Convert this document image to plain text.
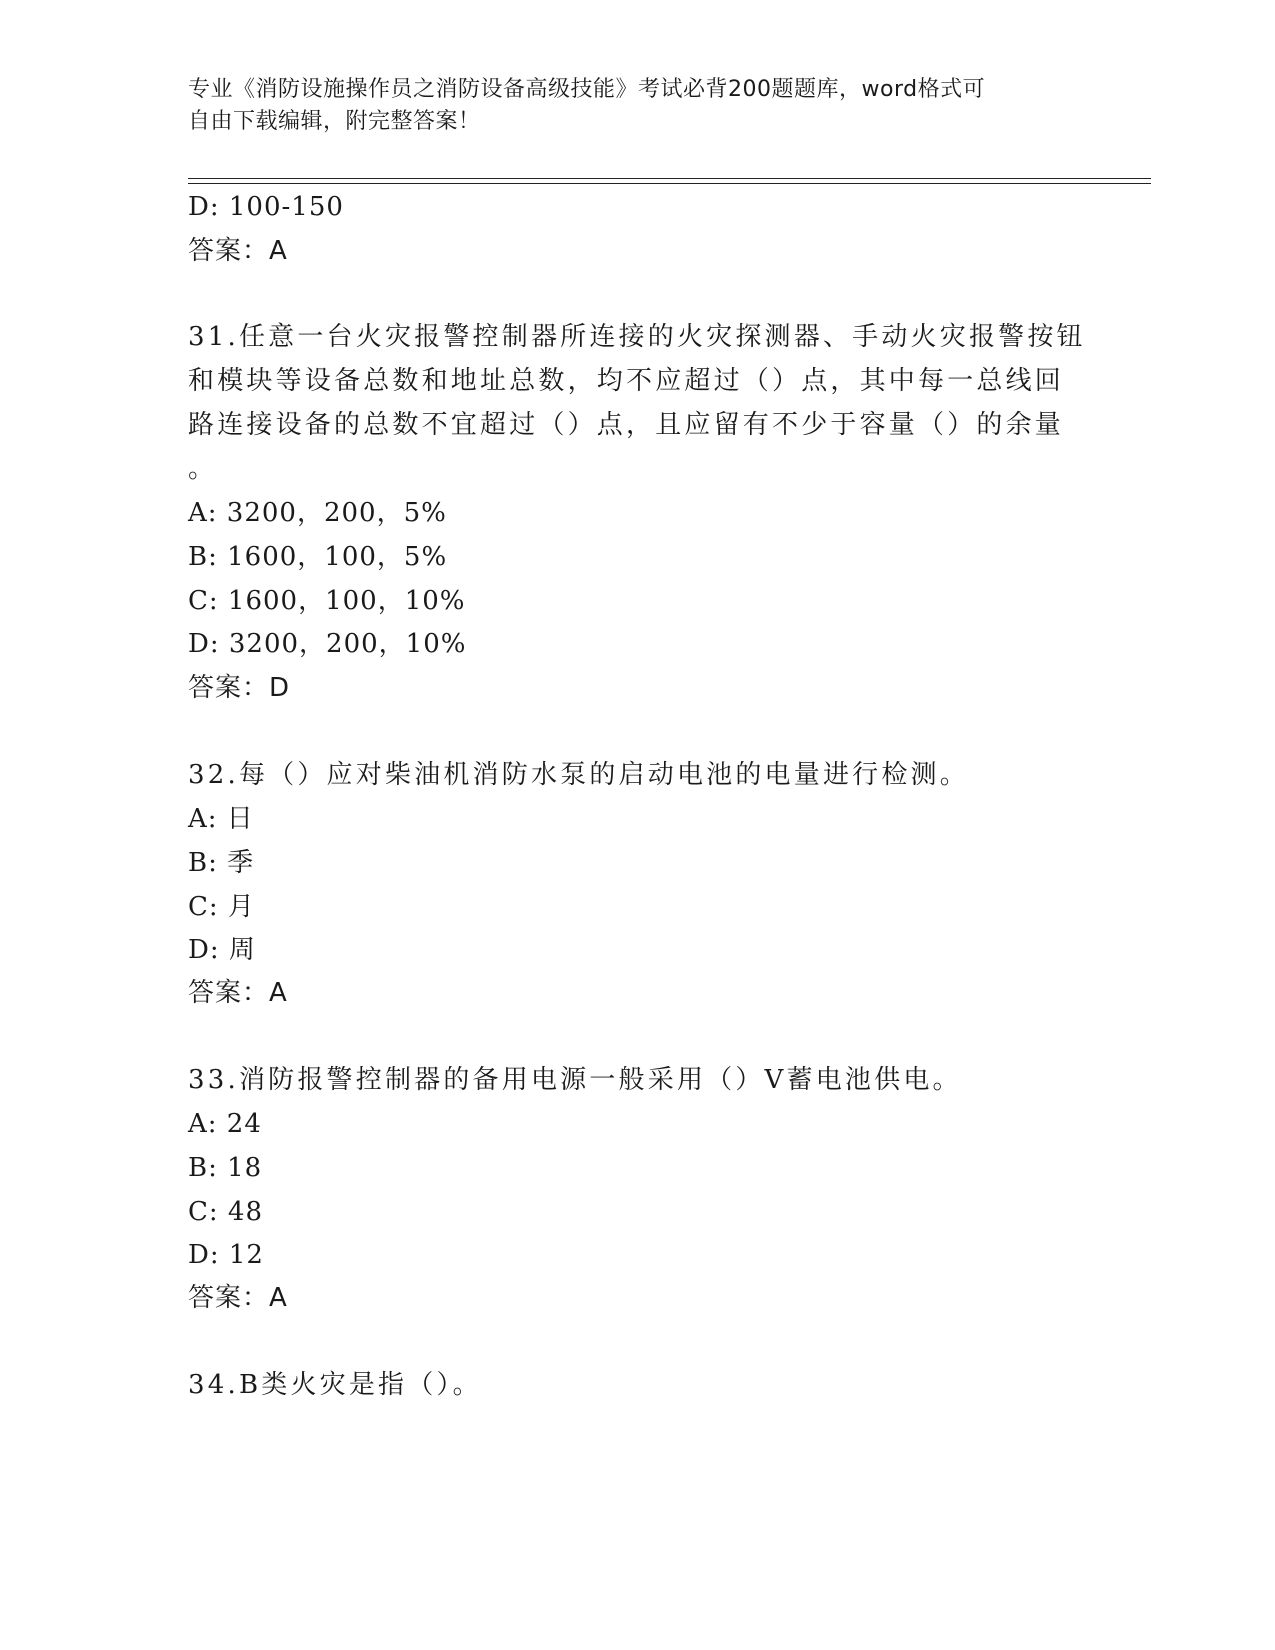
专业《消防设施操作员之消防设备高级技能》考试必背200题题库，word格式可
自由下载编辑，附完整答案！
D: 100-150
答案：A
31.任意一台火灾报警控制器所连接的火灾探测器、手动火灾报警按钮
和模块等设备总数和地址总数，均不应超过（）点，其中每一总线回
路连接设备的总数不宜超过（）点，且应留有不少于容量（）的余量
。
A: 3200，200，5%
B: 1600，100，5%
C: 1600，100，10%
D: 3200，200，10%
答案：D
32.每（）应对柴油机消防水泵的启动电池的电量进行检测。
A: 日
B: 季
C: 月
D: 周
答案：A
33.消防报警控制器的备用电源一般采用（）V蓄电池供电。
A: 24
B: 18
C: 48
D: 12
答案：A
34.B类火灾是指（）。
